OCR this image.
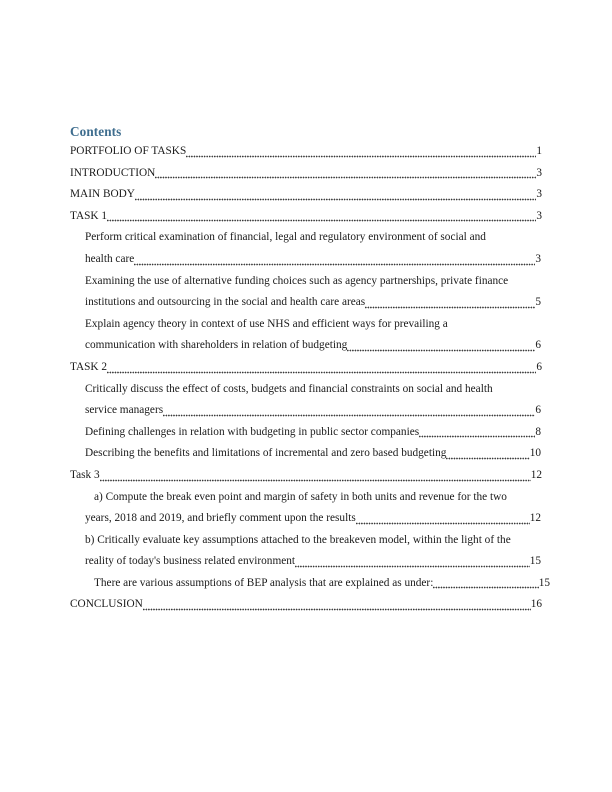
Contents
PORTFOLIO OF TASKS	1
INTRODUCTION	3
MAIN BODY	3
TASK 1	3
Perform critical examination of financial, legal and regulatory environment of social and
health care	3
Examining the use of alternative funding choices such as agency partnerships, private finance
institutions and outsourcing in the social and health care areas	5
Explain agency theory in context of use NHS and efficient ways for prevailing a
communication with shareholders in relation of budgeting	6
TASK 2	6
Critically discuss the effect of costs, budgets and financial constraints on social and health
service managers	6
Defining challenges in relation with budgeting in public sector companies	8
Describing the benefits and limitations of incremental and zero based budgeting	10
Task 3	12
a) Compute the break even point and margin of safety in both units and revenue for the two
years, 2018 and 2019, and briefly comment upon the results	12
b) Critically evaluate key assumptions attached to the breakeven model, within the light of the
reality of today's business related environment	15
There are various assumptions of BEP analysis that are explained as under:	15
CONCLUSION	16
